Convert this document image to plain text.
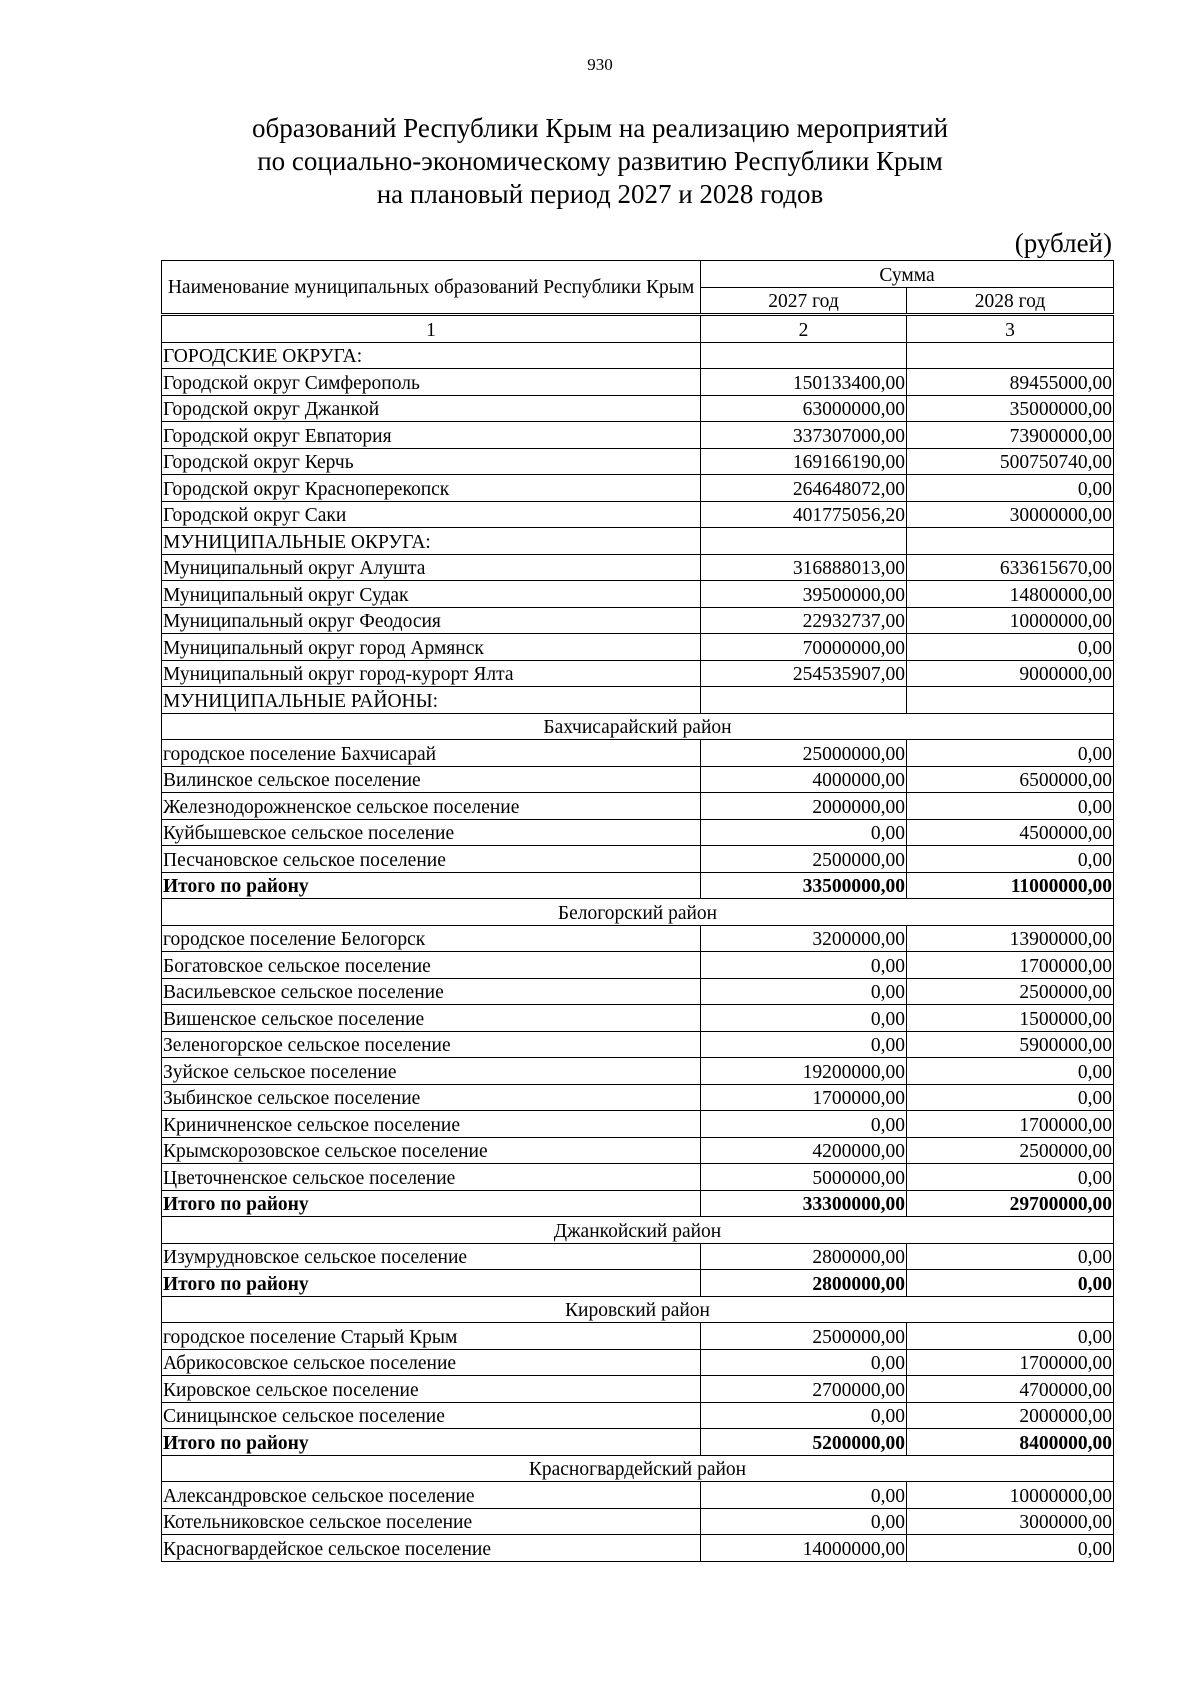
930
образований Республики Крым на реализацию мероприятий
по социально-экономическому развитию Республики Крым
на плановый период 2027 и 2028 годов
(рублей)
Наименование муниципальных образований Республики Крым	Сумма	
	2027 год	2028 год
1	2	3
ГОРОДСКИЕ ОКРУГА:		
Городской округ Симферополь	150133400,00	89455000,00
Городской округ Джанкой	63000000,00	35000000,00
Городской округ Евпатория	337307000,00	73900000,00
Городской округ Керчь	169166190,00	500750740,00
Городской округ Красноперекопск	264648072,00	0,00
Городской округ Саки	401775056,20	30000000,00
МУНИЦИПАЛЬНЫЕ ОКРУГА:		
Муниципальный округ Алушта	316888013,00	633615670,00
Муниципальный округ Судак	39500000,00	14800000,00
Муниципальный округ Феодосия	22932737,00	10000000,00
Муниципальный округ город Армянск	70000000,00	0,00
Муниципальный округ город-курорт Ялта	254535907,00	9000000,00
МУНИЦИПАЛЬНЫЕ РАЙОНЫ:		
Бахчисарайский район		
городское поселение Бахчисарай	25000000,00	0,00
Вилинское сельское поселение	4000000,00	6500000,00
Железнодорожненское сельское поселение	2000000,00	0,00
Куйбышевское сельское поселение	0,00	4500000,00
Песчановское сельское поселение	2500000,00	0,00
Итого по району	33500000,00	11000000,00
Белогорский район		
городское поселение Белогорск	3200000,00	13900000,00
Богатовское сельское поселение	0,00	1700000,00
Васильевское сельское поселение	0,00	2500000,00
Вишенское сельское поселение	0,00	1500000,00
Зеленогорское сельское поселение	0,00	5900000,00
Зуйское сельское поселение	19200000,00	0,00
Зыбинское сельское поселение	1700000,00	0,00
Криничненское сельское поселение	0,00	1700000,00
Крымскорозовское сельское поселение	4200000,00	2500000,00
Цветочненское сельское поселение	5000000,00	0,00
Итого по району	33300000,00	29700000,00
Джанкойский район		
Изумрудновское сельское поселение	2800000,00	0,00
Итого по району	2800000,00	0,00
Кировский район		
городское поселение Старый Крым	2500000,00	0,00
Абрикосовское сельское поселение	0,00	1700000,00
Кировское сельское поселение	2700000,00	4700000,00
Синицынское сельское поселение	0,00	2000000,00
Итого по району	5200000,00	8400000,00
Красногвардейский район		
Александровское сельское поселение	0,00	10000000,00
Котельниковское сельское поселение	0,00	3000000,00
Красногвардейское сельское поселение	14000000,00	0,00
